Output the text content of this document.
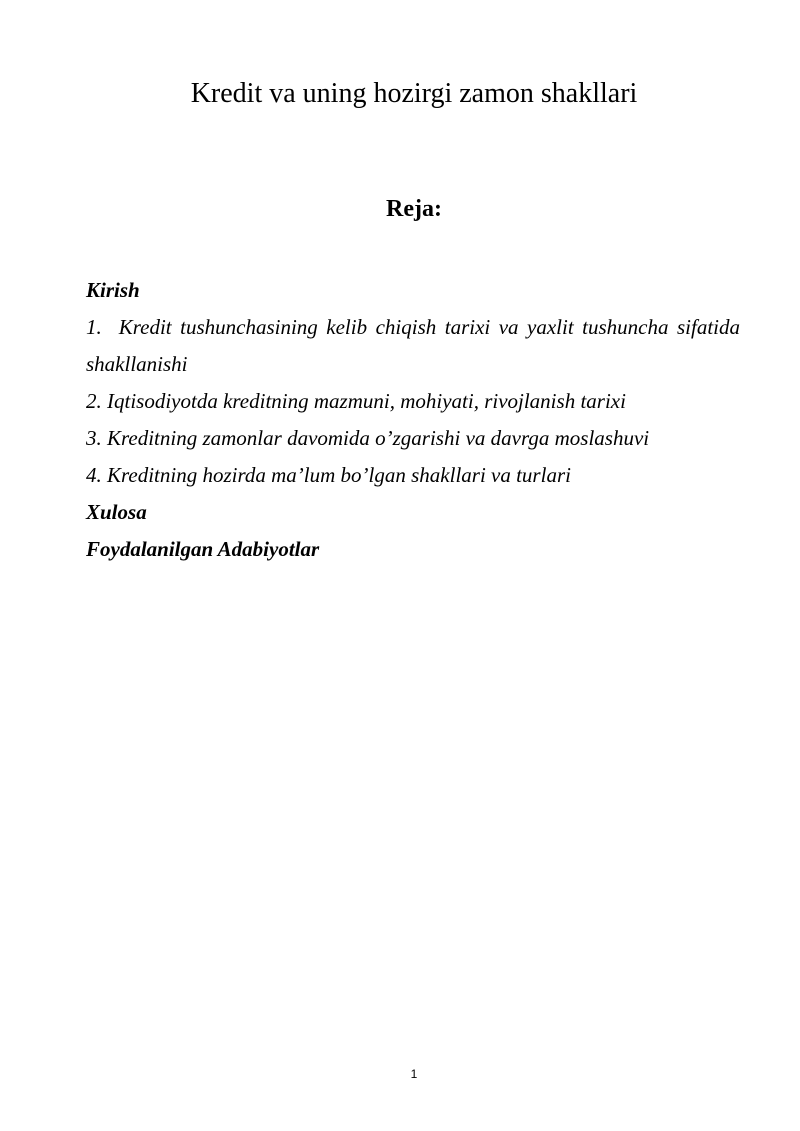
Kredit va uning hozirgi zamon shakllari
Reja:
Kirish
1. Kredit tushunchasining kelib chiqish tarixi va yaxlit tushuncha sifatida shakllanishi
2. Iqtisodiyotda kreditning mazmuni, mohiyati, rivojlanish tarixi
3. Kreditning zamonlar davomida o’zgarishi va davrga moslashuvi
4. Kreditning hozirda ma’lum bo’lgan shakllari va turlari
Xulosa
Foydalanilgan Adabiyotlar
1
